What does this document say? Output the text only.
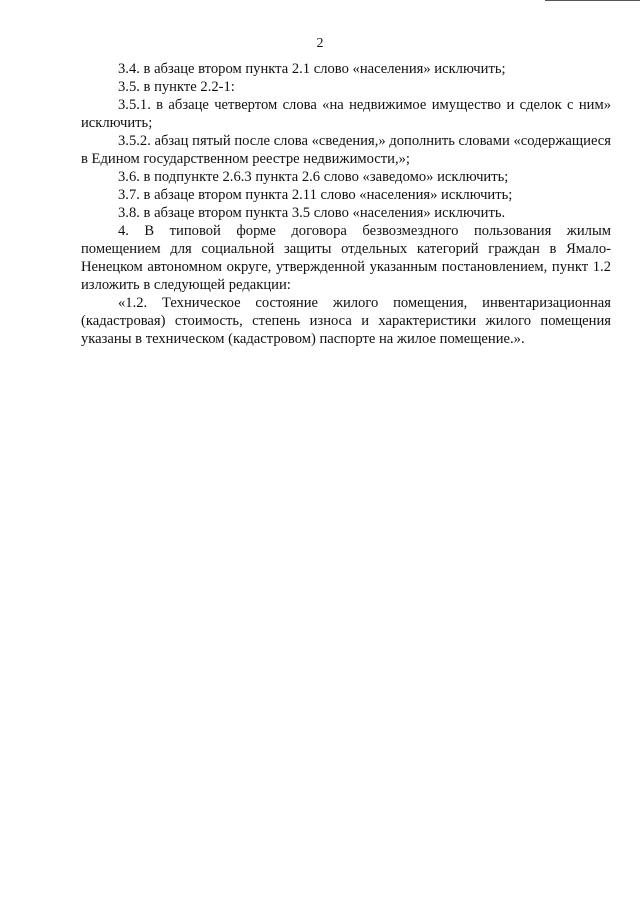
2

3.4. в абзаце втором пункта 2.1 слово «населения» исключить;

3.5. в пункте 2.2-1:

3.5.1. в абзаце четвертом слова «на недвижимое имущество и сделок с ним» исключить;

3.5.2. абзац пятый после слова «сведения,» дополнить словами «содержащиеся в Едином государственном реестре недвижимости,»;

3.6. в подпункте 2.6.3 пункта 2.6 слово «заведомо» исключить;

3.7. в абзаце втором пункта 2.11 слово «населения» исключить;

3.8. в абзаце втором пункта 3.5 слово «населения» исключить.

4. В типовой форме договора безвозмездного пользования жилым помещением для социальной защиты отдельных категорий граждан в Ямало-Ненецком автономном округе, утвержденной указанным постановлением, пункт 1.2 изложить в следующей редакции:

«1.2. Техническое состояние жилого помещения, инвентаризационная (кадастровая) стоимость, степень износа и характеристики жилого помещения указаны в техническом (кадастровом) паспорте на жилое помещение.».
